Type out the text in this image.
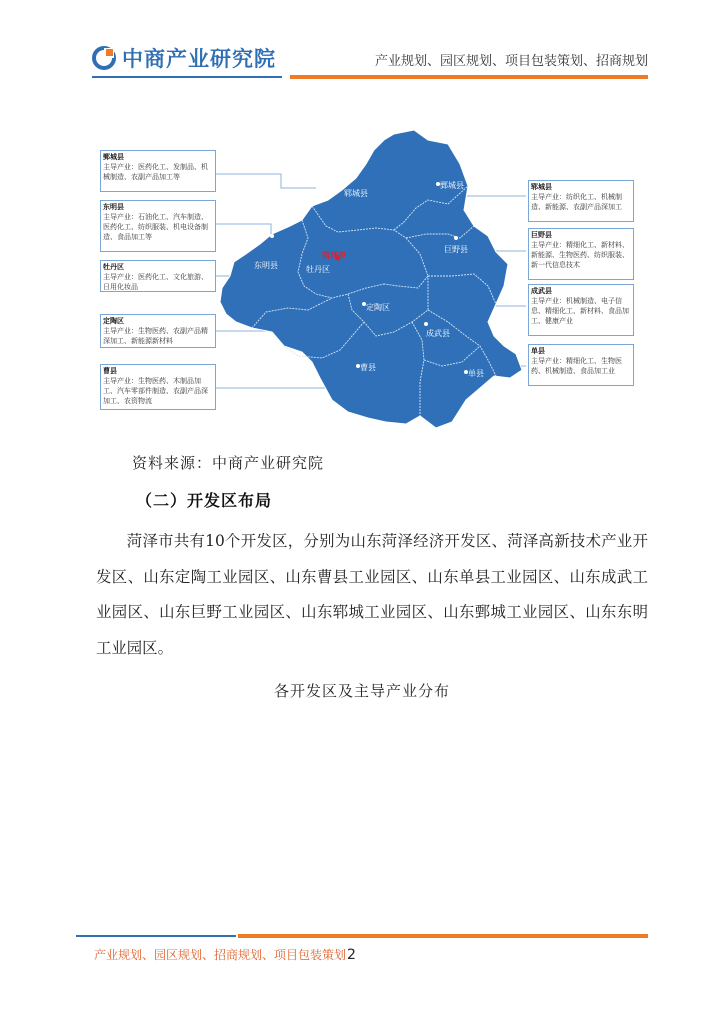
中商产业研究院	产业规划、园区规划、项目包装策划、招商规划
郓城县
鄄城县
东明县	牡丹区
菏泽市
巨野县
定陶区
成武县
曹县
单县
鄄城县
主导产业：医药化工、发制品、机械制造、农副产品加工等
东明县
主导产业：石油化工、汽车制造、医药化工、纺织服装、机电设备制造、食品加工等
牡丹区
主导产业：医药化工、文化旅游、日用化妆品
定陶区
主导产业：生物医药、农副产品精深加工、新能源新材料
曹县
主导产业：生物医药、木制品加工、汽车零部件制造、农副产品深加工、农资物流
郓城县
主导产业：纺织化工、机械制造、新能源、农副产品深加工
巨野县
主导产业：精细化工、新材料、新能源、生物医药、纺织服装、新一代信息技术
成武县
主导产业：机械制造、电子信息、精细化工、新材料、食品加工、健康产业
单县
主导产业：精细化工、生物医药、机械制造、食品加工业
资料来源：中商产业研究院
（二）开发区布局

菏泽市共有10个开发区，分别为山东菏泽经济开发区、菏泽高新技术产业开发区、山东定陶工业园区、山东曹县工业园区、山东单县工业园区、山东成武工业园区、山东巨野工业园区、山东郓城工业园区、山东鄄城工业园区、山东东明工业园区。

各开发区及主导产业分布
产业规划、园区规划、招商规划、项目包装策划2
